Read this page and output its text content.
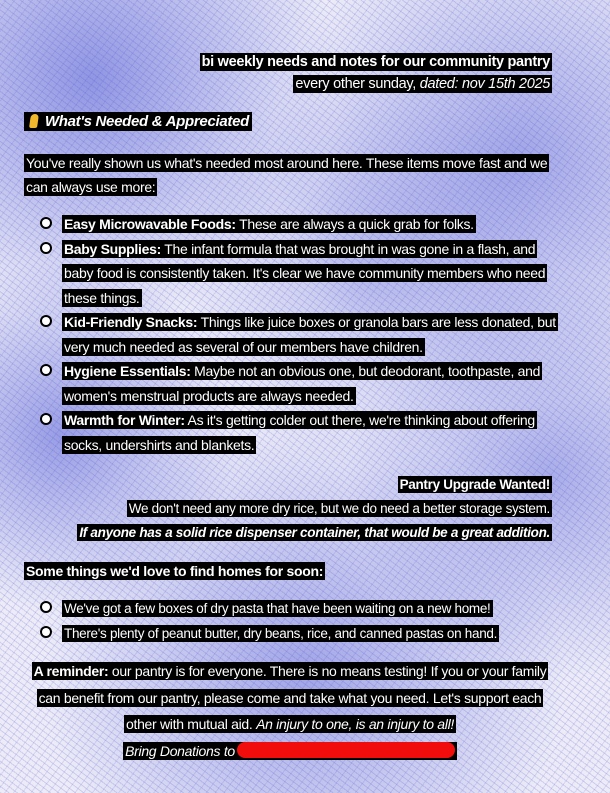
bi weekly needs and notes for our community pantry
every other sunday, dated: nov 15th 2025
What's Needed & Appreciated
You've really shown us what's needed most around here. These items move fast and we can always use more:
Easy Microwavable Foods: These are always a quick grab for folks.
Baby Supplies: The infant formula that was brought in was gone in a flash, and baby food is consistently taken. It's clear we have community members who need these things.
Kid-Friendly Snacks: Things like juice boxes or granola bars are less donated, but very much needed as several of our members have children.
Hygiene Essentials: Maybe not an obvious one, but deodorant, toothpaste, and women's menstrual products are always needed.
Warmth for Winter: As it's getting colder out there, we're thinking about offering socks, undershirts and blankets.
Pantry Upgrade Wanted!
We don't need any more dry rice, but we do need a better storage system.
If anyone has a solid rice dispenser container, that would be a great addition.
Some things we'd love to find homes for soon:
We've got a few boxes of dry pasta that have been waiting on a new home!
There's plenty of peanut butter, dry beans, rice, and canned pastas on hand.
A reminder: our pantry is for everyone. There is no means testing! If you or your family can benefit from our pantry, please come and take what you need. Let's support each other with mutual aid. An injury to one, is an injury to all!
Bring Donations to
